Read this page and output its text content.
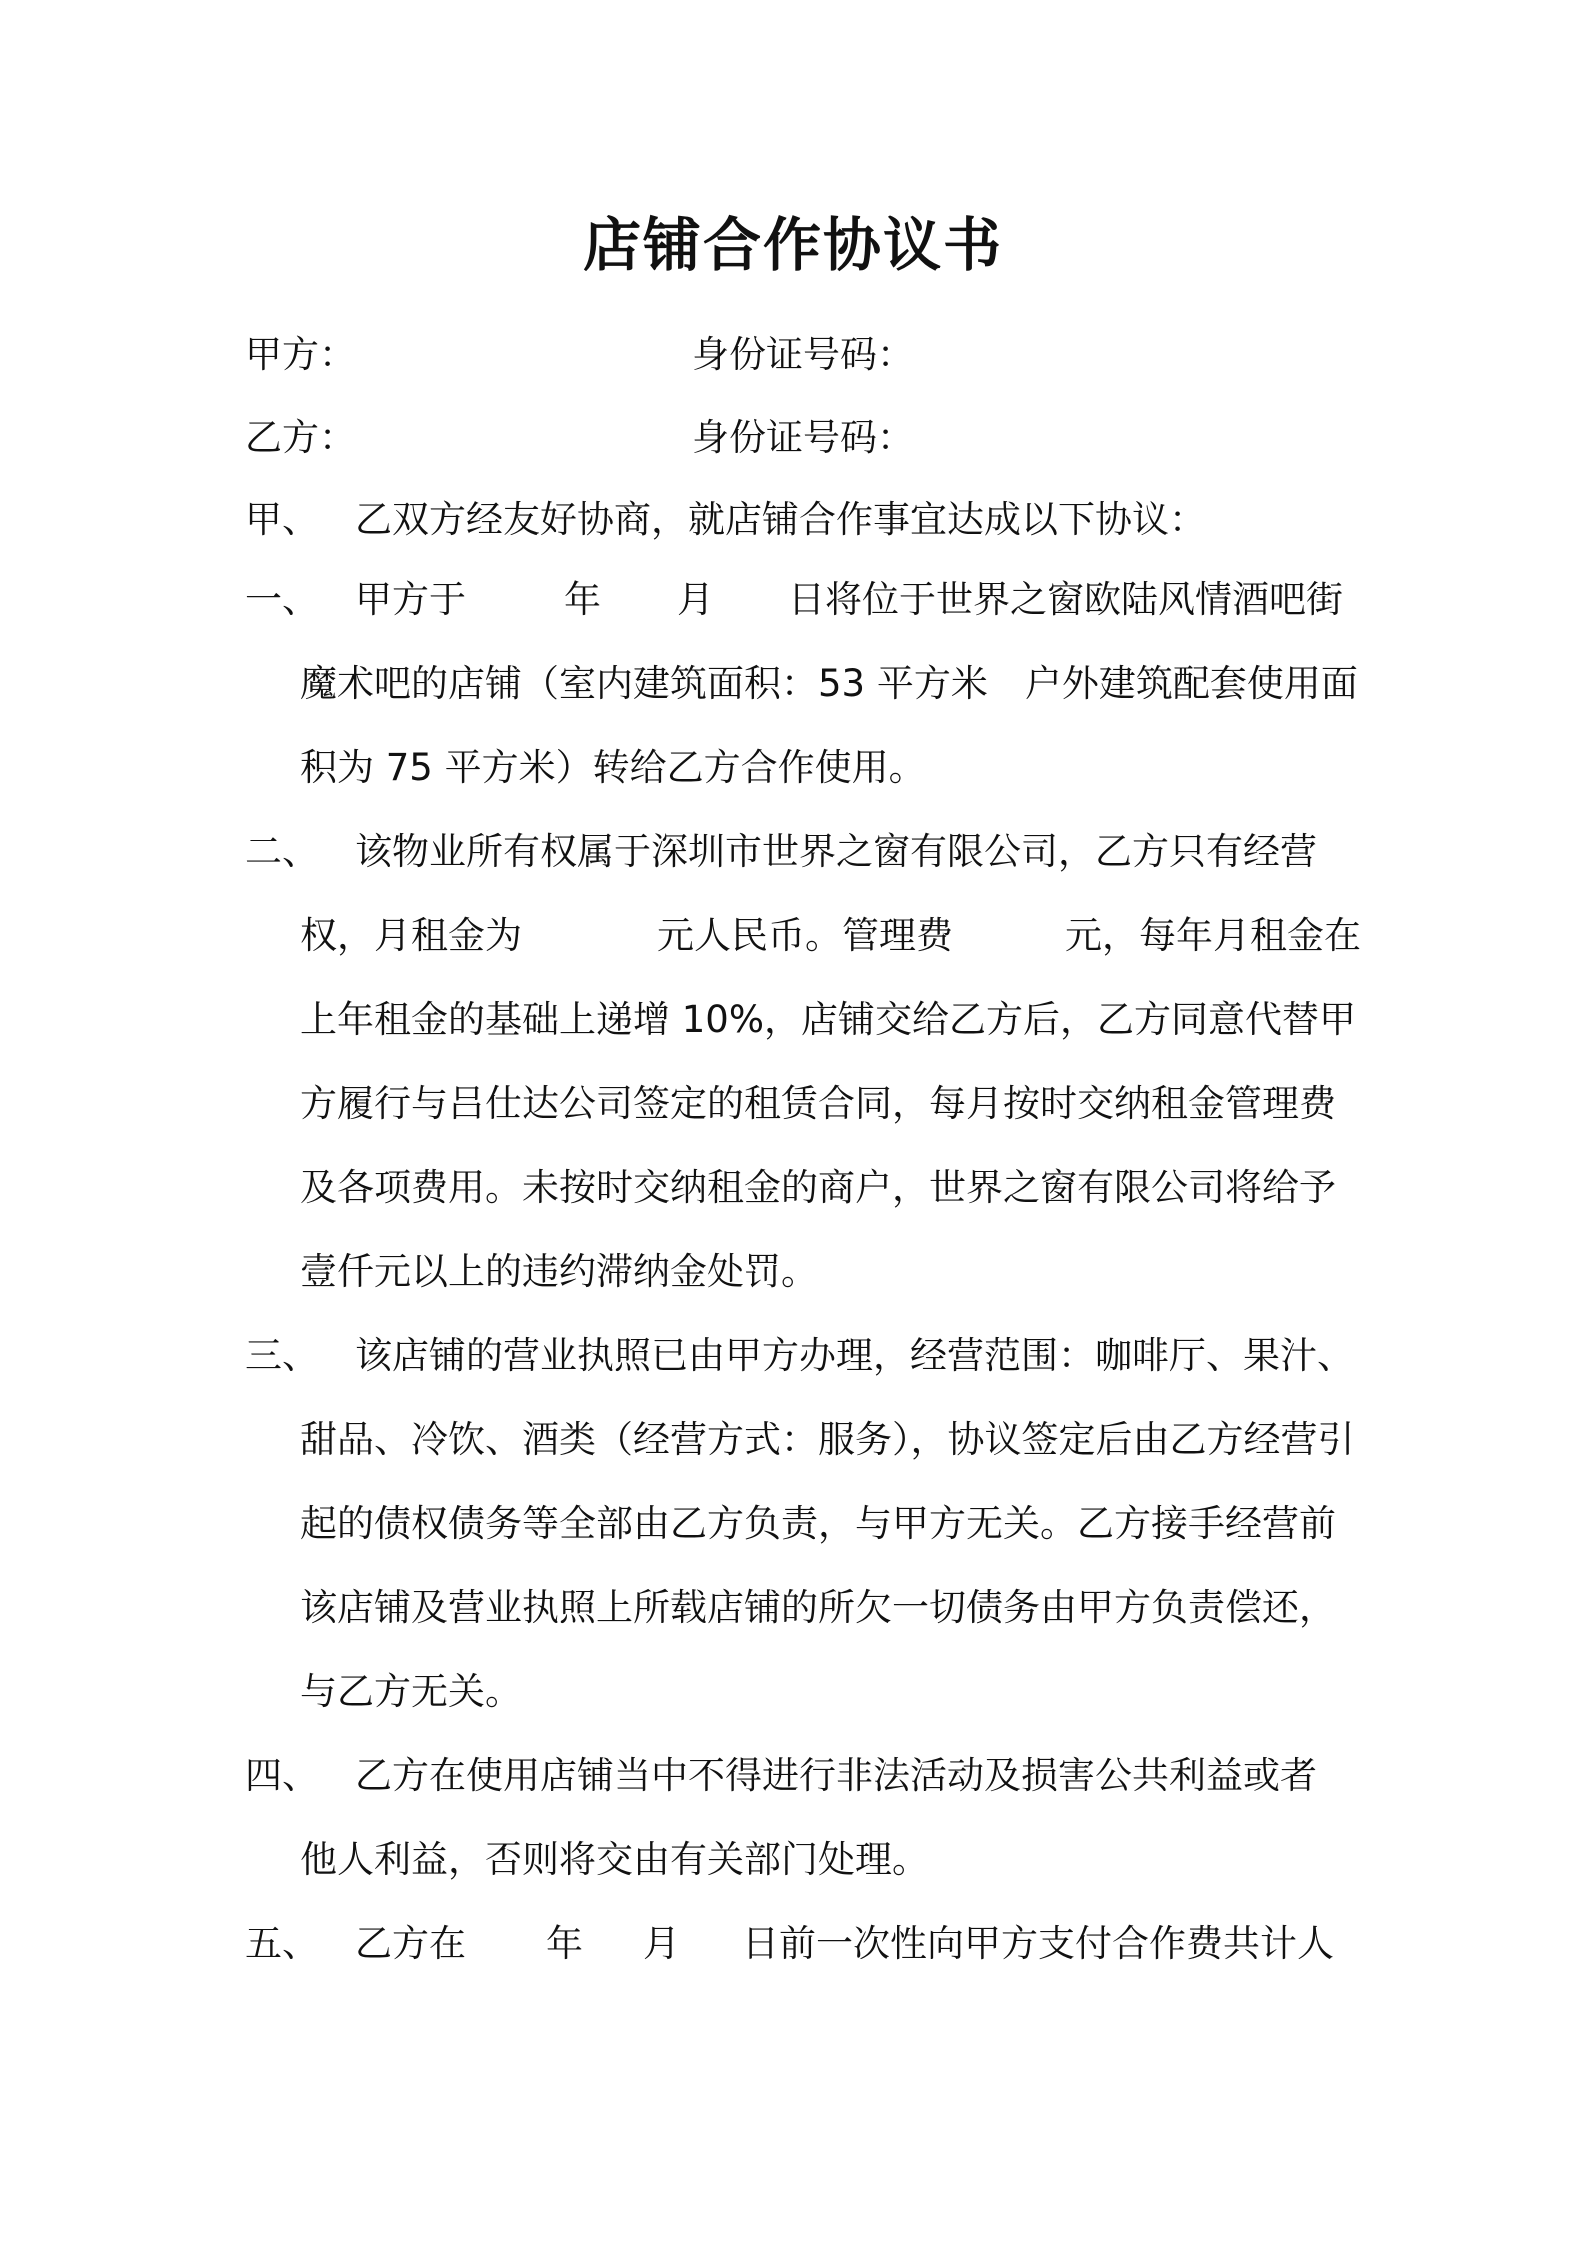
店铺合作协议书
甲方：	身份证号码：
乙方：	身份证号码：
甲、 乙双方经友好协商，就店铺合作事宜达成以下协议：
一、 甲方于	年 月 日将位于世界之窗欧陆风情酒吧街
魔术吧的店铺（室内建筑面积：53 平方米　户外建筑配套使用面
积为 75 平方米）转给乙方合作使用。
二、 该物业所有权属于深圳市世界之窗有限公司，乙方只有经营
权，月租金为	元人民币。管理费	元，每年月租金在
上年租金的基础上递增 10%，店铺交给乙方后，乙方同意代替甲
方履行与吕仕达公司签定的租赁合同，每月按时交纳租金管理费
及各项费用。未按时交纳租金的商户，世界之窗有限公司将给予
壹仟元以上的违约滞纳金处罚。
三、 该店铺的营业执照已由甲方办理，经营范围：咖啡厅、果汁、
甜品、冷饮、酒类（经营方式：服务），协议签定后由乙方经营引
起的债权债务等全部由乙方负责，与甲方无关。乙方接手经营前
该店铺及营业执照上所载店铺的所欠一切债务由甲方负责偿还，
与乙方无关。
四、 乙方在使用店铺当中不得进行非法活动及损害公共利益或者
他人利益，否则将交由有关部门处理。
五、 乙方在 年 月 日前一次性向甲方支付合作费共计人
